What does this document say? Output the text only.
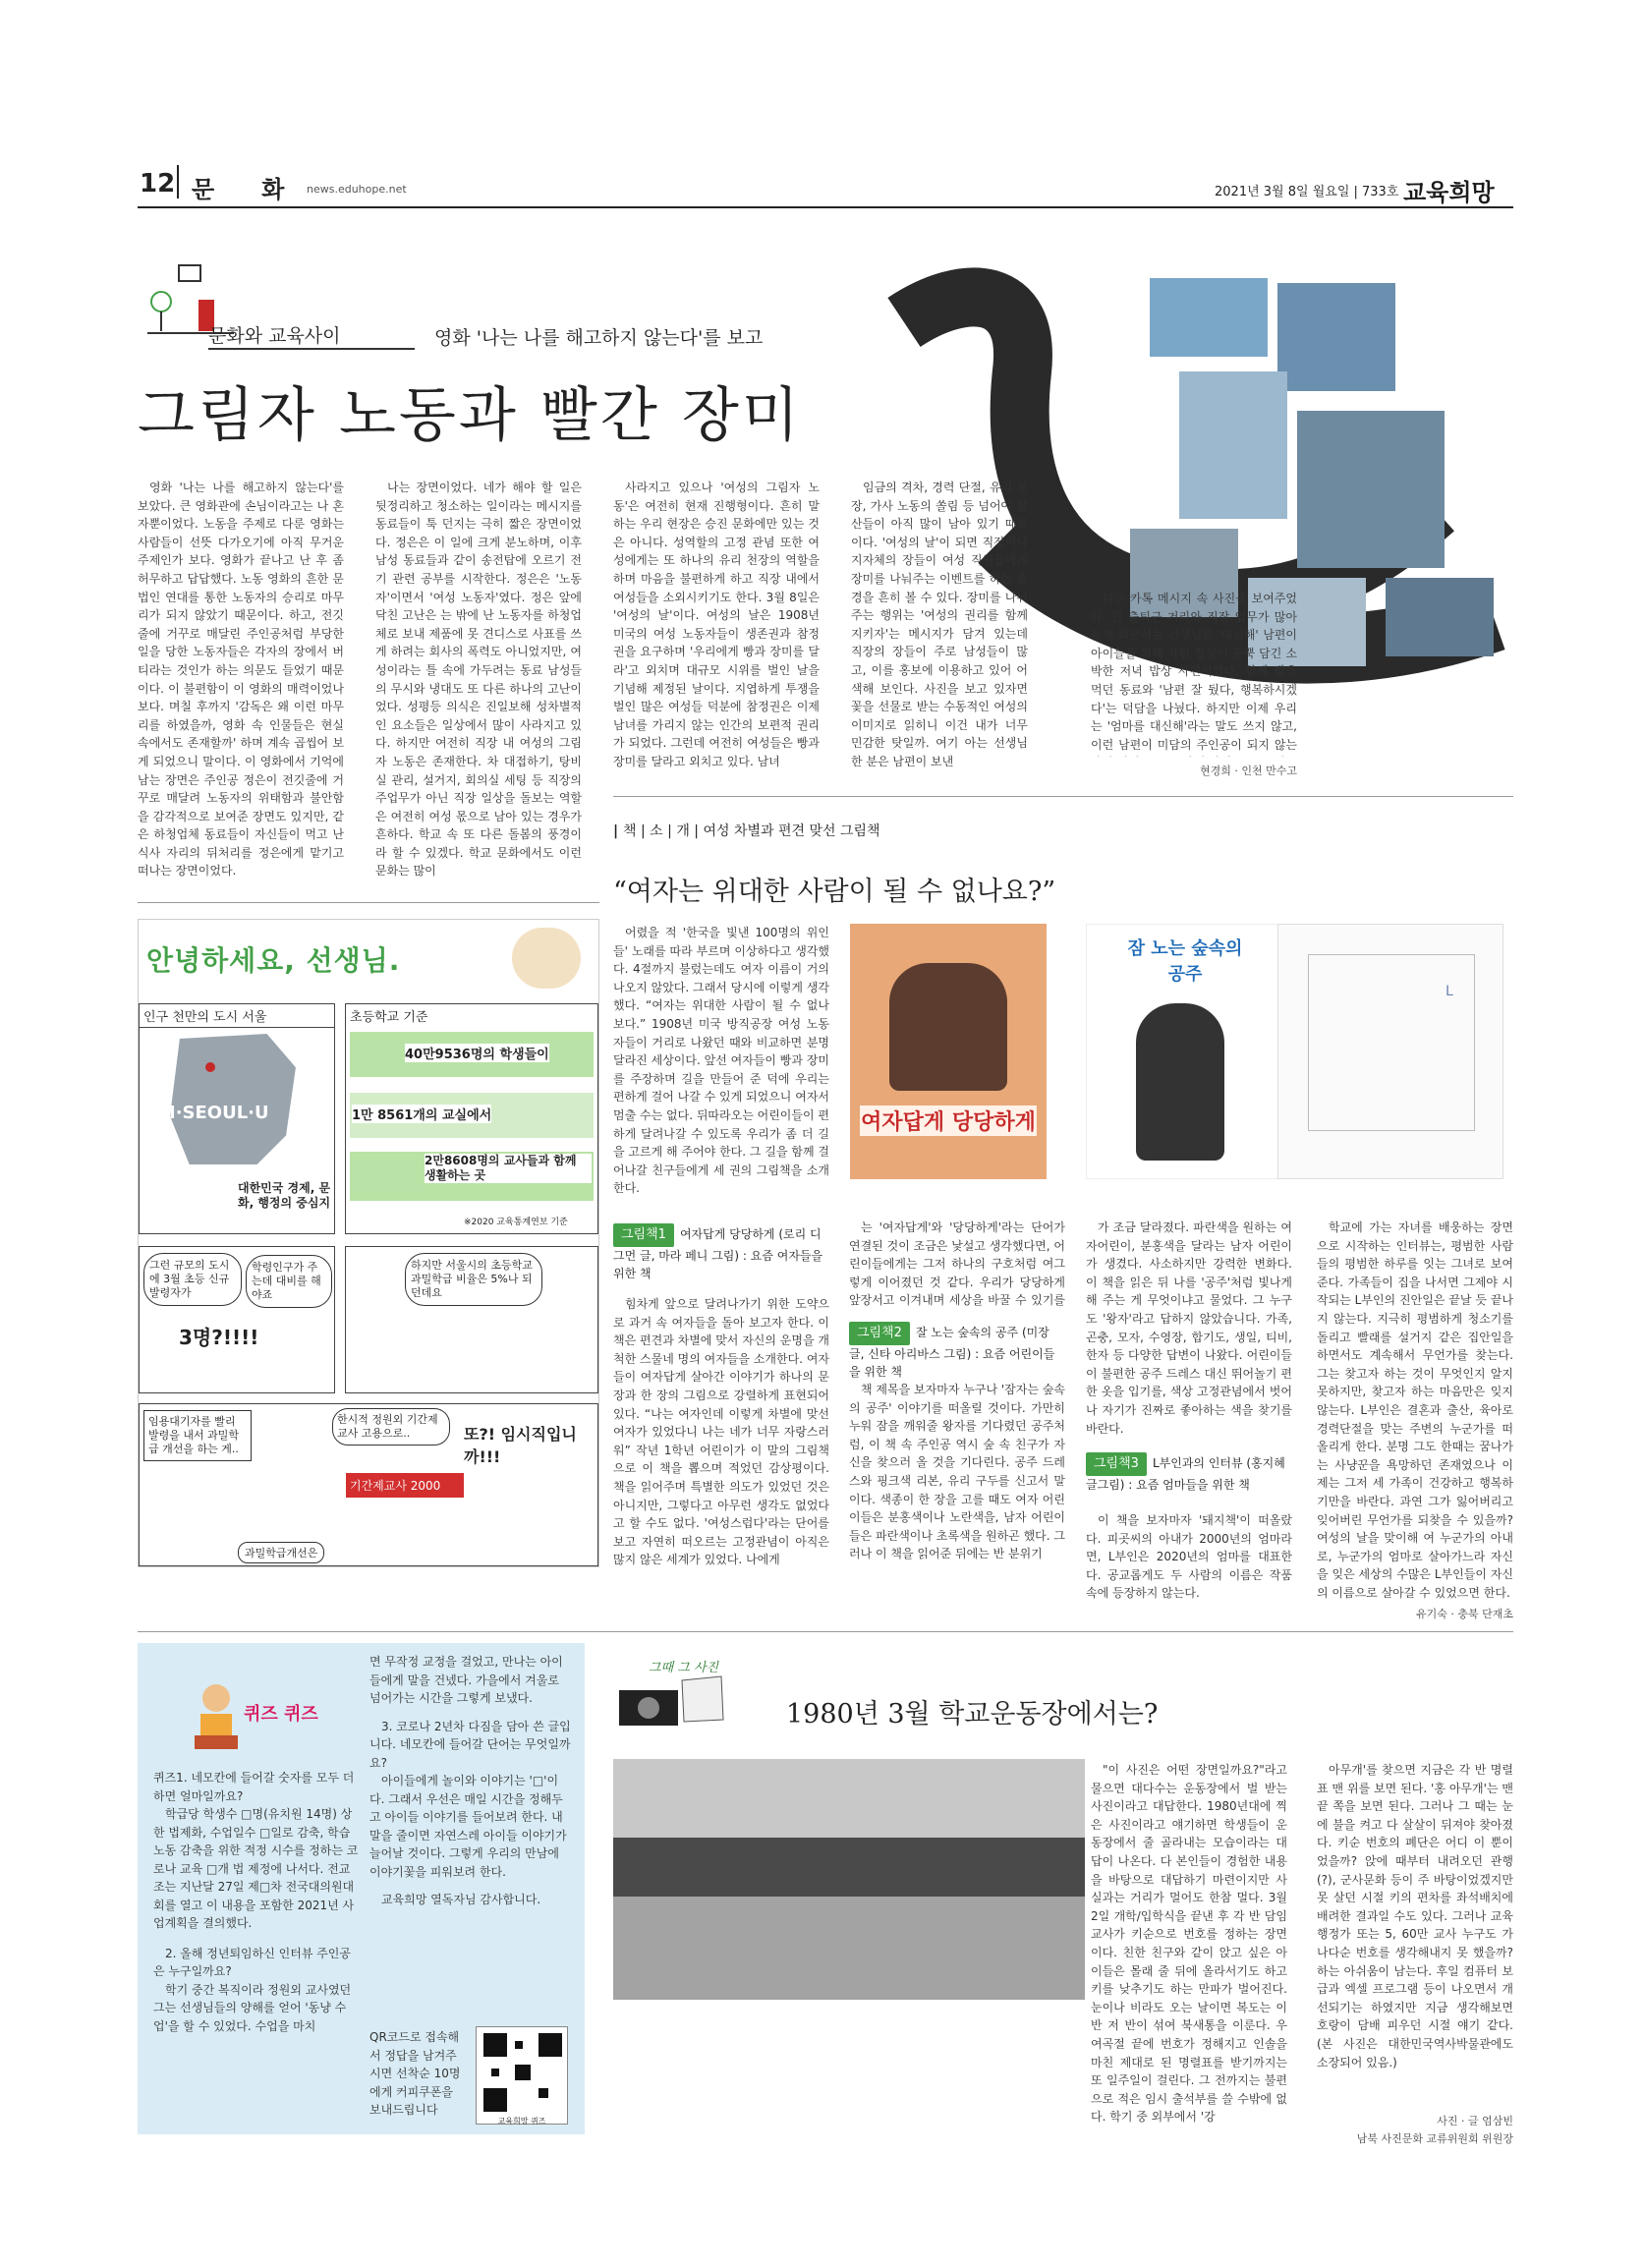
12 문　　화 news.eduhope.net	2021년 3월 8일 월요일 | 733호 교육희망
문화와 교육사이	영화 '나는 나를 해고하지 않는다'를 보고
그림자 노동과 빨간 장미

영화 '나는 나를 해고하지 않는다'를 보았다. 큰 영화관에 손님이라고는 나 혼자뿐이었다. 노동을 주제로 다룬 영화는 사람들이 선뜻 다가오기에 아직 무거운 주제인가 보다. 영화가 끝나고 난 후 좀 허무하고 답답했다. 노동 영화의 흔한 문법인 연대를 통한 노동자의 승리로 마무리가 되지 않았기 때문이다. 하고, 전깃줄에 거꾸로 매달린 주인공처럼 부당한 일을 당한 노동자들은 각자의 장에서 버티라는 것인가 하는 의문도 들었기 때문이다. 이 불편함이 이 영화의 매력이었나 보다. 며칠 후까지 '감독은 왜 이런 마무리를 하였을까, 영화 속 인물들은 현실 속에서도 존재할까' 하며 계속 곱씹어 보게 되었으니 말이다. 이 영화에서 기억에 남는 장면은 주인공 정은이 전깃줄에 거꾸로 매달려 노동자의 위태함과 불안함을 감각적으로 보여준 장면도 있지만, 같은 하청업체 동료들이 자신들이 먹고 난 식사 자리의 뒤처리를 정은에게 맡기고 떠나는 장면이었다.

나는 장면이었다. 네가 해야 할 일은 뒷정리하고 청소하는 일이라는 메시지를 동료들이 툭 던지는 극히 짧은 장면이었다. 정은은 이 일에 크게 분노하며, 이후 남성 동료들과 같이 송전탑에 오르기 전기 관련 공부를 시작한다. 정은은 '노동자'이면서 '여성 노동자'였다. 정은 앞에 닥친 고난은 는 밖에 난 노동자를 하청업체로 보내 제품에 못 견디스로 사표를 쓰게 하려는 회사의 폭력도 아니었지만, 여성이라는 틀 속에 가두려는 동료 남성들의 무시와 냉대도 또 다른 하나의 고난이었다. 성평등 의식은 진일보해 성차별적인 요소들은 일상에서 많이 사라지고 있다. 하지만 여전히 직장 내 여성의 그림자 노동은 존재한다. 차 대접하기, 탕비실 관리, 설거지, 회의실 세팅 등 직장의 주업무가 아닌 직장 일상을 돌보는 역할은 여전히 여성 몫으로 남아 있는 경우가 흔하다. 학교 속 또 다른 돌봄의 풍경이라 할 수 있겠다. 학교 문화에서도 이런 문화는 많이

사라지고 있으나 '여성의 그림자 노동'은 여전히 현재 진행형이다. 흔히 말하는 우리 현장은 승진 문화에만 있는 것은 아니다. 성역할의 고정 관념 또한 여성에게는 또 하나의 유리 천장의 역할을 하며 마음을 불편하게 하고 직장 내에서 여성들을 소외시키기도 한다. 3월 8일은 '여성의 날'이다. 여성의 날은 1908년 미국의 여성 노동자들이 생존권과 참정권을 요구하며 '우리에게 빵과 장미를 달라'고 외치며 대규모 시위를 벌인 날을 기념해 제정된 날이다. 지엽하게 투쟁을 벌인 많은 여성들 덕분에 참정권은 이제 남녀를 가리지 않는 인간의 보편적 권리가 되었다. 그런데 여전히 여성들은 빵과 장미를 달라고 외치고 있다. 남녀

임금의 격차, 경력 단절, 유리 천장, 가사 노동의 쏠림 등 넘어야 할 산들이 아직 많이 남아 있기 때문이다. '여성의 날'이 되면 직장이나 지자체의 장들이 여성 직원들에게 장미를 나눠주는 이벤트를 하는 풍경을 흔히 볼 수 있다. 장미를 나눠주는 행위는 '여성의 권리를 함께 지키자'는 메시지가 담겨 있는데 직장의 장들이 주로 남성들이 많고, 이를 홍보에 이용하고 있어 어색해 보인다. 사진을 보고 있자면 꽃을 선물로 받는 수동적인 여성의 이미지로 읽히니 이건 내가 너무 민감한 탓일까. 여기 아는 선생님 한 분은 남편이 보낸

다는 카톡 메시지 속 사진을 보여주었다. 긴 출퇴근 거리와 직장 업무가 많아 늦게 퇴근하는 선생님을 '대신해' 남편이 아이들을 위해 차린 정성이 듬뿍 담긴 소박한 저녁 밥상 사진이었다. 함께 밥을 먹던 동료와 '남편 잘 뒀다, 행복하시겠다'는 덕담을 나눴다. 하지만 이제 우리는 '엄마를 대신해'라는 말도 쓰지 않고, 이런 남편이 미담의 주인공이 되지 않는

현경희 · 인천 만수고
안녕하세요, 선생님.
인구 천만의 도시 서울
I·SEOUL·U
대한민국 경제, 문화, 행정의 중심지
초등학교 기준
40만9536명의 학생들이
1만 8561개의 교실에서
2만8608명의 교사들과 함께 생활하는 곳
※2020 교육통계연보 기준
그런 규모의 도시에 3월 초등 신규발령자가
학령인구가 주는데 대비를 해야죠
3명?!!!!
하지만 서울시의 초등학교 과밀학급 비율은 5%나 되던데요
임용대기자를 빨리 발령을 내서 과밀학급 개선을 하는 게..
한시적 정원외 기간제교사 고용으로..	또?! 임시직입니까!!!
기간제교사 2000
과밀학급개선은
| 책 | 소 | 개 | 여성 차별과 편견 맞선 그림책
“여자는 위대한 사람이 될 수 없나요?”

어렸을 적 '한국을 빛낸 100명의 위인들' 노래를 따라 부르며 이상하다고 생각했다. 4절까지 불렀는데도 여자 이름이 거의 나오지 않았다. 그래서 당시에 이렇게 생각했다. “여자는 위대한 사람이 될 수 없나 보다.” 1908년 미국 방직공장 여성 노동자들이 거리로 나왔던 때와 비교하면 분명 달라진 세상이다. 앞선 여자들이 빵과 장미를 주장하며 길을 만들어 준 덕에 우리는 편하게 걸어 나갈 수 있게 되었으니 여자서 멈출 수는 없다. 뒤따라오는 어린이들이 편하게 달려나갈 수 있도록 우리가 좀 더 길을 고르게 해 주어야 한다. 그 길을 함께 걸어나갈 친구들에게 세 권의 그림책을 소개한다.

여자답게 당당하게
잠 노는 숲속의 공주
L
그림책1 여자답게 당당하게 (로리 디그먼 글, 마라 페니 그림) : 요즘 여자들을 위한 책

힘차게 앞으로 달려나가기 위한 도약으로 과거 속 여자들을 돌아 보고자 한다. 이 책은 편견과 차별에 맞서 자신의 운명을 개척한 스물네 명의 여자들을 소개한다. 여자들이 여자답게 살아간 이야기가 하나의 문장과 한 장의 그림으로 강렬하게 표현되어 있다. “나는 여자인데 이렇게 차별에 맞선 여자가 있었다니 나는 네가 너무 자랑스러워” 작년 1학년 어린이가 이 말의 그림책으로 이 책을 뽑으며 적었던 감상평이다. 책을 읽어주며 특별한 의도가 있었던 것은 아니지만, 그렇다고 아무런 생각도 없었다고 할 수도 없다. '여성스럽다'라는 단어를 보고 자연히 떠오르는 고정관념이 아직은 많지 않은 세계가 있었다. 나에게

는 '여자답게'와 '당당하게'라는 단어가 연결된 것이 조금은 낯설고 생각했다면, 어린이들에게는 그저 하나의 구호처럼 여그렇게 이어졌던 것 같다. 우리가 당당하게 앞장서고 이겨내며 세상을 바꿀 수 있기를

그림책2 잘 노는 숲속의 공주 (미장 글, 신타 아리바스 그림) : 요즘 어린이들을 위한 책

책 제목을 보자마자 누구나 '잠자는 숲속의 공주' 이야기를 떠올릴 것이다. 가만히 누워 잠을 깨워줄 왕자를 기다렸던 공주처럼, 이 책 속 주인공 역시 숲 속 친구가 자신을 찾으러 올 것을 기다린다. 공주 드레스와 핑크색 리본, 유리 구두를 신고서 말이다. 색종이 한 장을 고를 때도 여자 어린이들은 분홍색이나 노란색을, 남자 어린이들은 파란색이나 초록색을 원하곤 했다. 그러나 이 책을 읽어준 뒤에는 반 분위기

가 조금 달라졌다. 파란색을 원하는 여자어린이, 분홍색을 달라는 남자 어린이가 생겼다. 사소하지만 강력한 변화다. 이 책을 읽은 뒤 나를 '공주'처럼 빛나게 해 주는 게 무엇이냐고 물었다. 그 누구도 '왕자'라고 답하지 않았습니다. 가족, 곤충, 모자, 수영장, 합기도, 생일, 티비, 한자 등 다양한 답변이 나왔다. 어린이들이 불편한 공주 드레스 대신 뛰어놀기 편한 옷을 입기를, 색상 고정관념에서 벗어나 자기가 진짜로 좋아하는 색을 찾기를 바란다.

그림책3 L부인과의 인터뷰 (홍지혜 글그림) : 요즘 엄마들을 위한 책

이 책을 보자마자 '돼지책'이 떠올랐다. 피곳씨의 아내가 2000년의 엄마라면, L부인은 2020년의 엄마를 대표한다. 공교롭게도 두 사람의 이름은 작품 속에 등장하지 않는다.

학교에 가는 자녀를 배웅하는 장면으로 시작하는 인터뷰는, 평범한 사람들의 평범한 하루를 잇는 그녀로 보여준다. 가족들이 집을 나서면 그제야 시작되는 L부인의 진안일은 끝날 듯 끝나지 않는다. 지극히 평범하게 청소기를 돌리고 빨래를 설거지 같은 집안일을 하면서도 계속해서 무언가를 찾는다. 그는 찾고자 하는 것이 무엇인지 알지 못하지만, 찾고자 하는 마음만은 잊지 않는다. L부인은 결혼과 출산, 육아로 경력단절을 맞는 주변의 누군가를 떠올리게 한다. 분명 그도 한때는 꿈나가는 사냥꾼을 욕망하던 존재였으나 이제는 그저 세 가족이 건강하고 행복하기만을 바란다. 과연 그가 잃어버리고 잊어버린 무언가를 되찾을 수 있을까? 여성의 날을 맞이해 여 누군가의 아내로, 누군가의 엄마로 살아가느라 자신을 잊은 세상의 수많은 L부인들이 자신의 이름으로 살아갈 수 있었으면 한다.

유기숙 · 충북 단재초
퀴즈 퀴즈
퀴즈1. 네모칸에 들어갈 숫자를 모두 더하면 얼마일까요?
학급당 학생수 □명(유치원 14명) 상한 법제화, 수업일수 □일로 감축, 학습 노동 감축을 위한 적정 시수를 정하는 코로나 교육 □개 법 제정에 나서다. 전교조는 지난달 27일 제□차 전국대의원대회를 열고 이 내용을 포함한 2021년 사업계획을 결의했다.
2. 올해 정년퇴임하신 인터뷰 주인공은 누구일까요?
학기 중간 복직이라 정원외 교사였던 그는 선생님들의 양해를 얻어 '동냥 수업'을 할 수 있었다. 수업을 마치
면 무작정 교정을 걸었고, 만나는 아이들에게 말을 건넸다. 가을에서 겨울로 넘어가는 시간을 그렇게 보냈다.
3. 코로나 2년차 다짐을 담아 쓴 글입니다. 네모칸에 들어갈 단어는 무엇일까요?
아이들에게 놀이와 이야기는 '□'이다. 그래서 우선은 매일 시간을 정해두고 아이들 이야기를 들어보려 한다. 내 말을 줄이면 자연스레 아이들 이야기가 늘어날 것이다. 그렇게 우리의 만남에 이야기꽃을 피워보려 한다.
교육희망 열독자님 감사합니다.
QR코드로 접속해서 정답을 남겨주시면 선착순 10명에게 커피쿠폰을 보내드립니다
교육희망 퀴즈
그때 그 사진
1980년 3월 학교운동장에서는?

"이 사진은 어떤 장면일까요?"라고 물으면 대다수는 운동장에서 벌 받는 사진이라고 대답한다. 1980년대에 찍은 사진이라고 얘기하면 학생들이 운동장에서 줄 골라내는 모습이라는 대답이 나온다. 다 본인들이 경험한 내용을 바탕으로 대답하기 마련이지만 사실과는 거리가 멀어도 한참 멀다. 3월 2일 개학/입학식을 끝낸 후 각 반 담임교사가 키순으로 번호를 정하는 장면이다. 친한 친구와 같이 앉고 싶은 아이들은 몰래 줄 뒤에 올라서기도 하고 키를 낮추기도 하는 만파가 벌어진다. 눈이나 비라도 오는 날이면 복도는 이 반 저 반이 섞여 북새통을 이룬다. 우여곡절 끝에 번호가 정해지고 인솔을 마친 제대로 된 명렬표를 받기까지는 또 일주일이 걸린다. 그 전까지는 불편으로 적은 임시 출석부를 쓸 수밖에 없다. 학기 중 외부에서 '강

아무개'를 찾으면 지금은 각 반 명렬표 맨 위를 보면 된다. '홍 아무개'는 맨 끝 쪽을 보면 된다. 그러나 그 때는 눈에 불을 켜고 다 살살이 뒤져야 찾아졌다. 키순 번호의 폐단은 어디 이 뿐이었을까? 앉에 때부터 내려오던 관행(?), 군사문화 등이 주 바탕이었겠지만 못 살던 시절 키의 편차를 좌석배치에 배려한 결과일 수도 있다. 그러나 교육행정가 또는 5, 60만 교사 누구도 가나다순 번호를 생각해내지 못 했을까? 하는 아쉬움이 남는다. 후일 컴퓨터 보급과 엑셀 프로그램 등이 나오면서 개선되기는 하였지만 지금 생각해보면 호랑이 담배 피우던 시절 얘기 같다.(본 사진은 대한민국역사박물관에도 소장되어 있음.)

사진 · 글 엄삼빈
남북 사진문화 교류위원회 위원장
